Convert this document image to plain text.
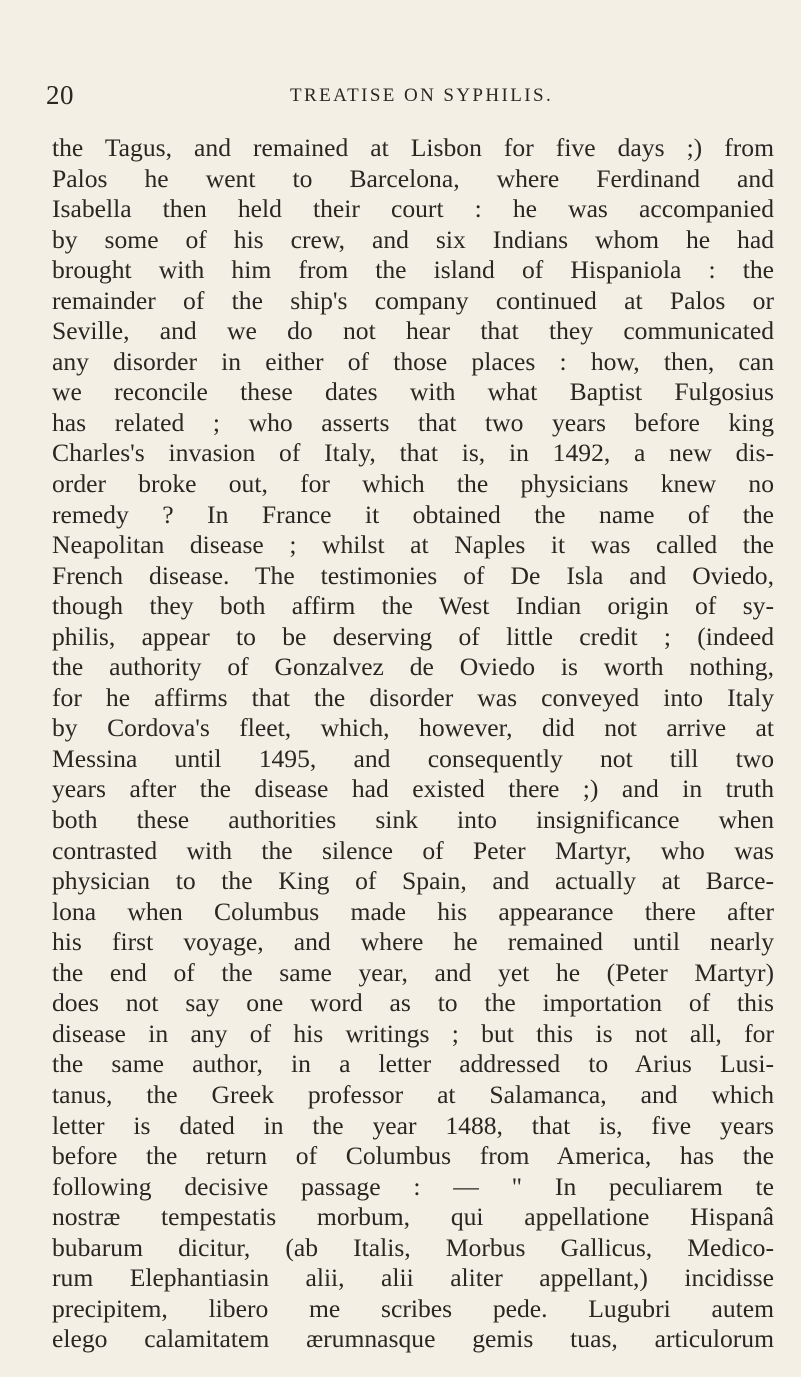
20	TREATISE ON SYPHILIS.
the Tagus, and remained at Lisbon for five days ;) from
Palos he went to Barcelona, where Ferdinand and
Isabella then held their court : he was accompanied
by some of his crew, and six Indians whom he had
brought with him from the island of Hispaniola : the
remainder of the ship's company continued at Palos or
Seville, and we do not hear that they communicated
any disorder in either of those places : how, then, can
we reconcile these dates with what Baptist Fulgosius
has related ; who asserts that two years before king
Charles's invasion of Italy, that is, in 1492, a new dis-
order broke out, for which the physicians knew no
remedy ? In France it obtained the name of the
Neapolitan disease ; whilst at Naples it was called the
French disease. The testimonies of De Isla and Oviedo,
though they both affirm the West Indian origin of sy-
philis, appear to be deserving of little credit ; (indeed
the authority of Gonzalvez de Oviedo is worth nothing,
for he affirms that the disorder was conveyed into Italy
by Cordova's fleet, which, however, did not arrive at
Messina until 1495, and consequently not till two
years after the disease had existed there ;) and in truth
both these authorities sink into insignificance when
contrasted with the silence of Peter Martyr, who was
physician to the King of Spain, and actually at Barce-
lona when Columbus made his appearance there after
his first voyage, and where he remained until nearly
the end of the same year, and yet he (Peter Martyr)
does not say one word as to the importation of this
disease in any of his writings ; but this is not all, for
the same author, in a letter addressed to Arius Lusi-
tanus, the Greek professor at Salamanca, and which
letter is dated in the year 1488, that is, five years
before the return of Columbus from America, has the
following decisive passage : — " In peculiarem te
nostræ tempestatis morbum, qui appellatione Hispanâ
bubarum dicitur, (ab Italis, Morbus Gallicus, Medico-
rum Elephantiasin alii, alii aliter appellant,) incidisse
precipitem, libero me scribes pede. Lugubri autem
elego calamitatem ærumnasque gemis tuas, articulorum
